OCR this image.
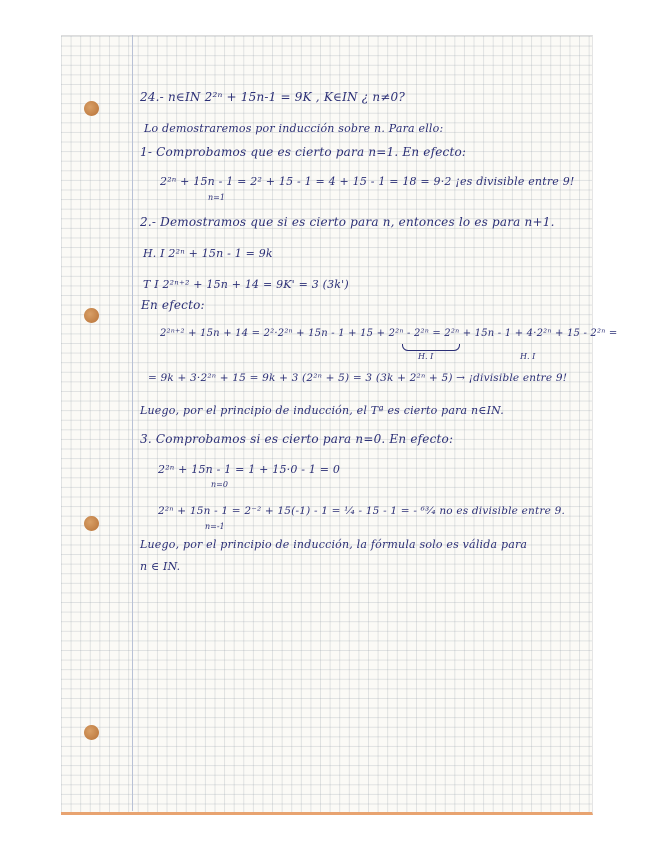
24.- n∈IN 2²ⁿ + 15n-1 = 9K , K∈IN ¿ n≠0?
Lo demostraremos por inducción sobre n. Para ello:
1- Comprobamos que es cierto para n=1. En efecto:
2²ⁿ + 15n - 1 = 2² + 15 - 1 = 4 + 15 - 1 = 18 = 9·2 ¡es divisible entre 9!
n=1
2.- Demostramos que si es cierto para n, entonces lo es para n+1.
H. I 2²ⁿ + 15n - 1 = 9k
T I 2²ⁿ⁺² + 15n + 14 = 9K' = 3 (3k')
En efecto:
2²ⁿ⁺² + 15n + 14 = 2²·2²ⁿ + 15n - 1 + 15 + 2²ⁿ - 2²ⁿ = 2²ⁿ + 15n - 1 + 4·2²ⁿ + 15 - 2²ⁿ =
H. I	H. I
= 9k + 3·2²ⁿ + 15 = 9k + 3 (2²ⁿ + 5) = 3 (3k + 2²ⁿ + 5) → ¡divisible entre 9!
Luego, por el principio de inducción, el Tª es cierto para n∈IN.
3. Comprobamos si es cierto para n=0. En efecto:
2²ⁿ + 15n - 1 = 1 + 15·0 - 1 = 0
n=0
2²ⁿ + 15n - 1 = 2⁻² + 15(-1) - 1 = ¹⁄₄ - 15 - 1 = - ⁶³⁄₄ no es divisible entre 9.
n=-1
Luego, por el principio de inducción, la fórmula solo es válida para
n ∈ IN.
